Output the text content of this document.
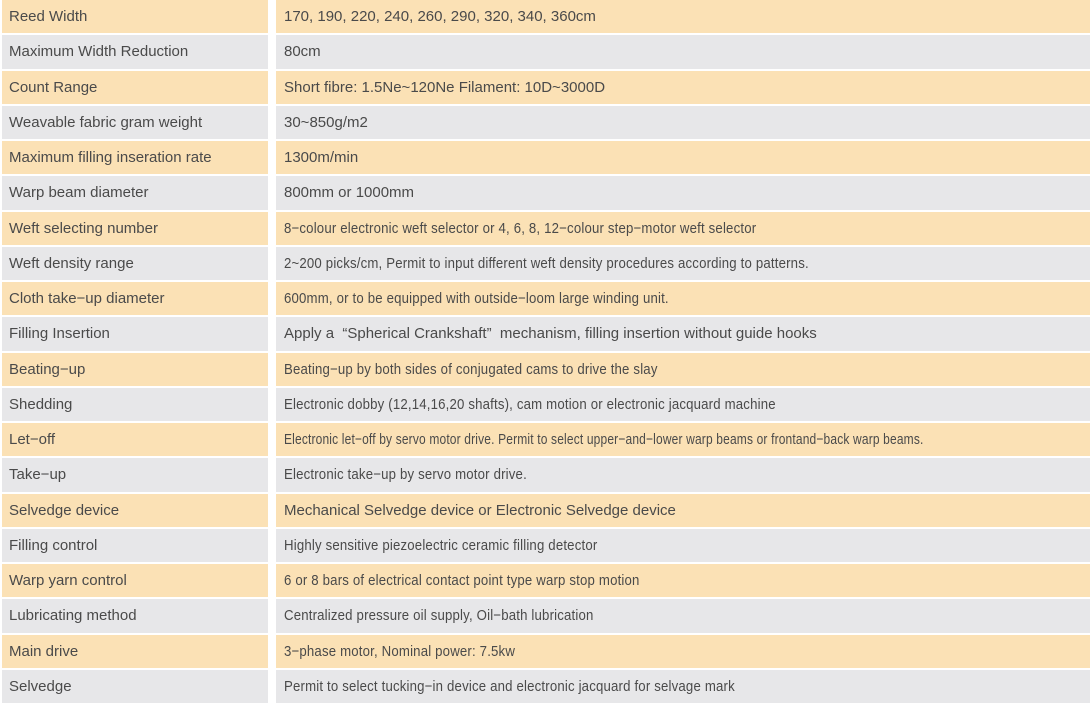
Reed Width	170, 190, 220, 240, 260, 290, 320, 340, 360cm
Maximum Width Reduction	80cm
Count Range	Short fibre: 1.5Ne~120Ne Filament: 10D~3000D
Weavable fabric gram weight	30~850g/m2
Maximum filling inseration rate	1300m/min
Warp beam diameter	800mm or 1000mm
Weft selecting number	8−colour electronic weft selector or 4, 6, 8, 12−colour step−motor weft selector
Weft density range	2~200 picks/cm, Permit to input different weft density procedures according to patterns.
Cloth take−up diameter	600mm, or to be equipped with outside−loom large winding unit.
Filling Insertion	Apply a  “Spherical Crankshaft”  mechanism, filling insertion without guide hooks
Beating−up	Beating−up by both sides of conjugated cams to drive the slay
Shedding	Electronic dobby (12,14,16,20 shafts), cam motion or electronic jacquard machine
Let−off	Electronic let−off by servo motor drive. Permit to select upper−and−lower warp beams or frontand−back warp beams.
Take−up	Electronic take−up by servo motor drive.
Selvedge device	Mechanical Selvedge device or Electronic Selvedge device
Filling control	Highly sensitive piezoelectric ceramic filling detector
Warp yarn control	6 or 8 bars of electrical contact point type warp stop motion
Lubricating method	Centralized pressure oil supply, Oil−bath lubrication
Main drive	3−phase motor, Nominal power: 7.5kw
Selvedge	Permit to select tucking−in device and electronic jacquard for selvage mark
